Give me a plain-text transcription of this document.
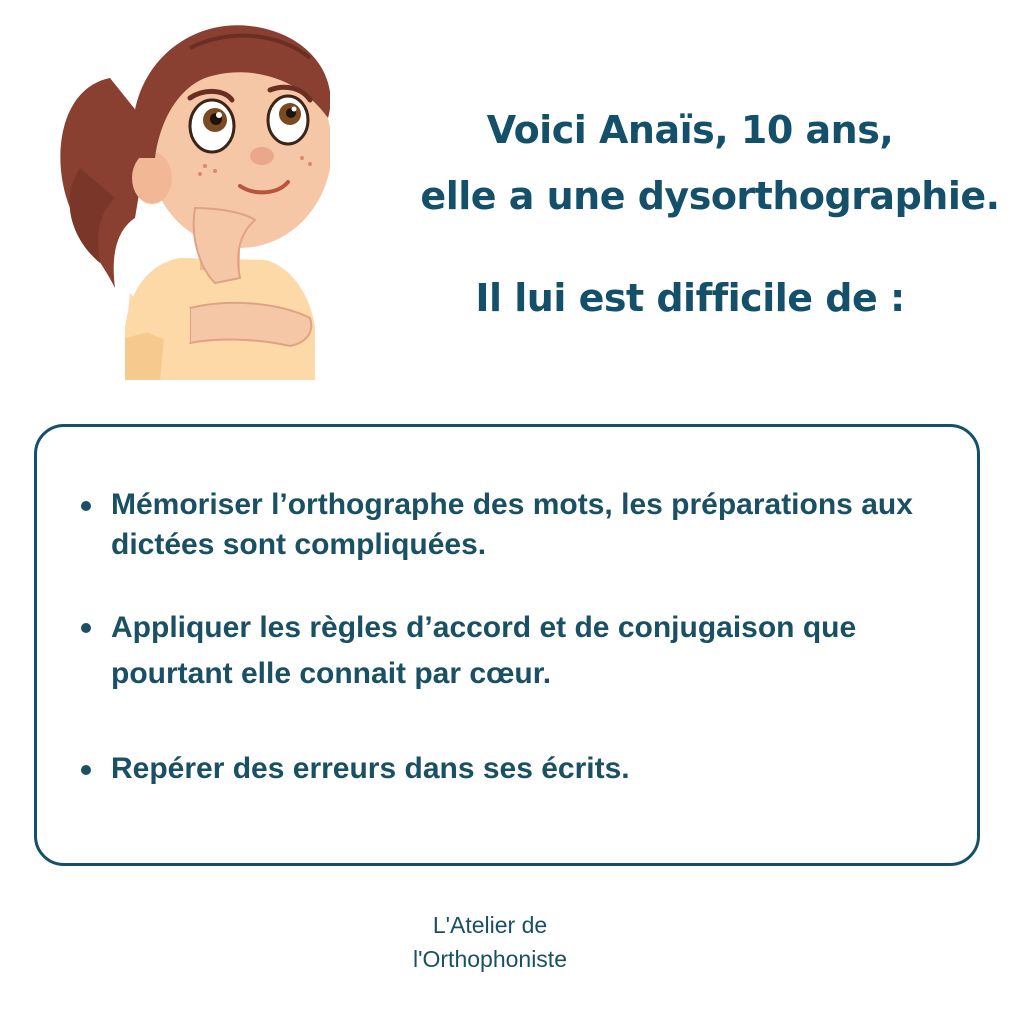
Voici Anaïs, 10 ans,
elle a une dysorthographie.
Il lui est difficile de :
Mémoriser l’orthographe des mots, les préparations aux dictées sont compliquées.
Appliquer les règles d’accord et de conjugaison que pourtant elle connait par cœur.
Repérer des erreurs dans ses écrits.
L'Atelier de
l'Orthophoniste
